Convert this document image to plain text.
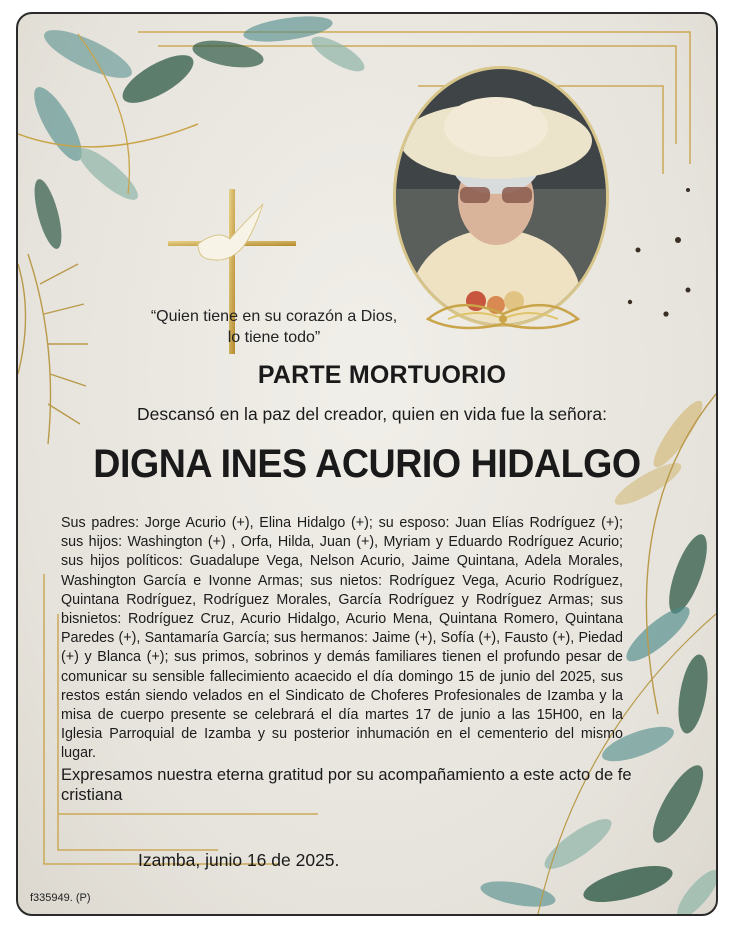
“Quien tiene en su corazón a Dios,
lo tiene todo”
PARTE MORTUORIO
Descansó en la paz del creador, quien en vida fue la señora:
DIGNA INES ACURIO HIDALGO
Sus padres: Jorge Acurio (+), Elina Hidalgo (+); su esposo: Juan Elías Rodríguez (+); sus hijos: Washington (+) , Orfa, Hilda, Juan (+), Myriam y Eduardo Rodríguez Acurio; sus hijos políticos: Guadalupe Vega, Nelson Acurio, Jaime Quintana, Adela Morales, Washington García e Ivonne Armas; sus nietos: Rodríguez Vega, Acurio Rodríguez, Quintana Rodríguez, Rodríguez Morales, García Rodríguez y Rodríguez Armas; sus bisnietos: Rodríguez Cruz, Acurio Hidalgo, Acurio Mena, Quintana Romero, Quintana Paredes (+), Santamaría García; sus hermanos: Jaime (+), Sofía (+), Fausto (+), Piedad (+) y Blanca (+); sus primos, sobrinos y demás familiares tienen el profundo pesar de comunicar su sensible fallecimiento acaecido el día domingo 15 de junio del 2025, sus restos están siendo velados en el Sindicato de Choferes Profesionales de Izamba y la misa de cuerpo presente se celebrará el día martes 17 de junio a las 15H00, en la Iglesia Parroquial de Izamba y su posterior inhumación en el cementerio del mismo lugar.
Expresamos nuestra eterna gratitud por su acompañamiento a este acto de fe cristiana
Izamba, junio 16 de 2025.
f335949. (P)
